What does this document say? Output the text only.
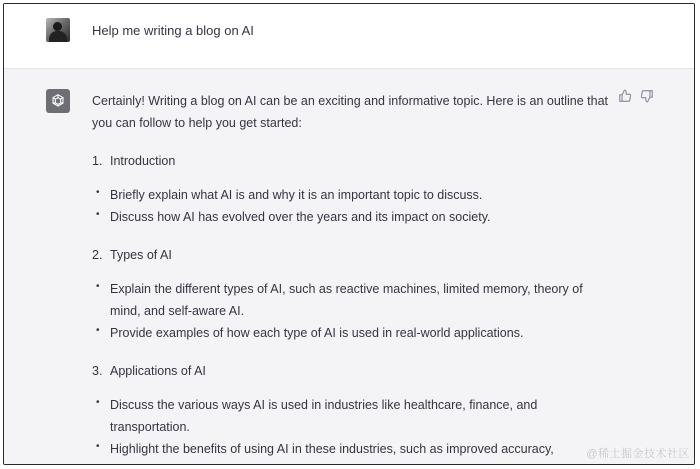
Help me writing a blog on AI

Certainly! Writing a blog on AI can be an exciting and informative topic. Here is an outline that you can follow to help you get started:

1. Introduction
• Briefly explain what AI is and why it is an important topic to discuss.
• Discuss how AI has evolved over the years and its impact on society.
2. Types of AI
• Explain the different types of AI, such as reactive machines, limited memory, theory of mind, and self-aware AI.
• Provide examples of how each type of AI is used in real-world applications.
3. Applications of AI
• Discuss the various ways AI is used in industries like healthcare, finance, and transportation.
• Highlight the benefits of using AI in these industries, such as improved accuracy,	@稀土掘金技术社区
